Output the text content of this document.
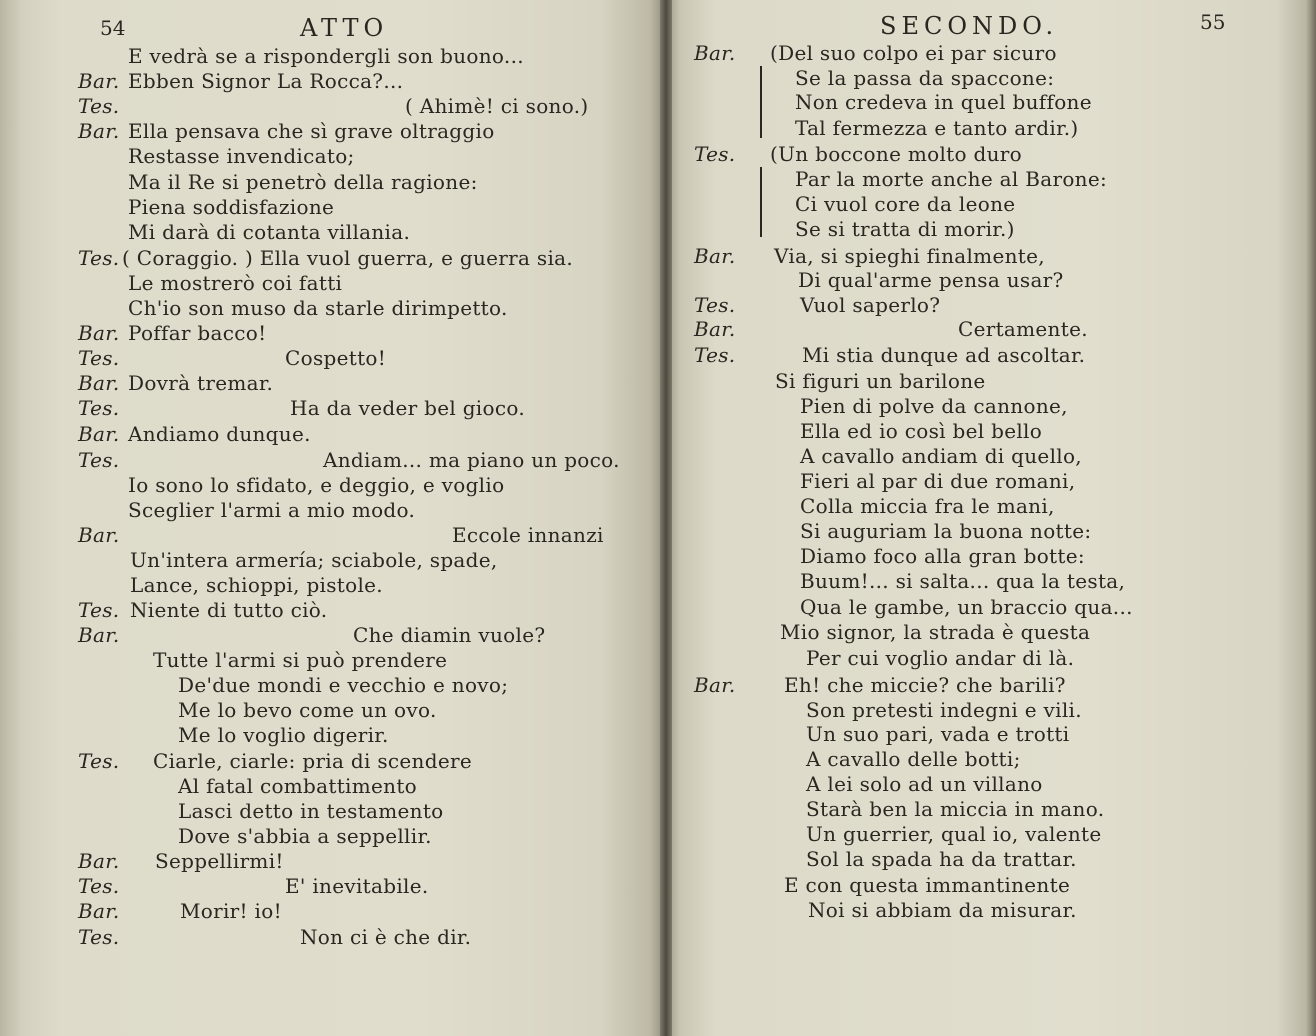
54	ATTO	SECONDO.	55
E vedrà se a rispondergli son buono...
Bar. Ebben Signor La Rocca?...
Tes.	( Ahimè! ci sono.)
Bar. Ella pensava che sì grave oltraggio
Restasse invendicato;
Ma il Re si penetrò della ragione:
Piena soddisfazione
Mi darà di cotanta villania.
Tes. ( Coraggio. ) Ella vuol guerra, e guerra sia.
Le mostrerò coi fatti
Ch'io son muso da starle dirimpetto.
Bar. Poffar bacco!
Tes.	Cospetto!
Bar. Dovrà tremar.
Tes.	Ha da veder bel gioco.
Bar. Andiamo dunque.
Tes.	Andiam... ma piano un poco.
Io sono lo sfidato, e deggio, e voglio
Sceglier l'armi a mio modo.
Bar.	Eccole innanzi
Un'intera armería; sciabole, spade,
Lance, schioppi, pistole.
Tes. Niente di tutto ciò.
Bar.	Che diamin vuole?
Tutte l'armi si può prendere
De'due mondi e vecchio e novo;
Me lo bevo come un ovo.
Me lo voglio digerir.
Tes. Ciarle, ciarle: pria di scendere
Al fatal combattimento
Lasci detto in testamento
Dove s'abbia a seppellir.
Bar. Seppellirmi!
Tes.	E' inevitabile.
Bar.	Morir! io!
Tes.	Non ci è che dir.
Bar. (Del suo colpo ei par sicuro
Se la passa da spaccone:
Non credeva in quel buffone
Tal fermezza e tanto ardir.)
Tes. (Un boccone molto duro
Par la morte anche al Barone:
Ci vuol core da leone
Se si tratta di morir.)
Bar. Via, si spieghi finalmente,
Di qual'arme pensa usar?
Tes.	Vuol saperlo?
Bar.	Certamente.
Tes.	Mi stia dunque ad ascoltar.
Si figuri un barilone
Pien di polve da cannone,
Ella ed io così bel bello
A cavallo andiam di quello,
Fieri al par di due romani,
Colla miccia fra le mani,
Si auguriam la buona notte:
Diamo foco alla gran botte:
Buum!... si salta... qua la testa,
Qua le gambe, un braccio qua...
Mio signor, la strada è questa
Per cui voglio andar di là.
Bar. Eh! che miccie? che barili?
Son pretesti indegni e vili.
Un suo pari, vada e trotti
A cavallo delle botti;
A lei solo ad un villano
Starà ben la miccia in mano.
Un guerrier, qual io, valente
Sol la spada ha da trattar.
E con questa immantinente
Noi si abbiam da misurar.
